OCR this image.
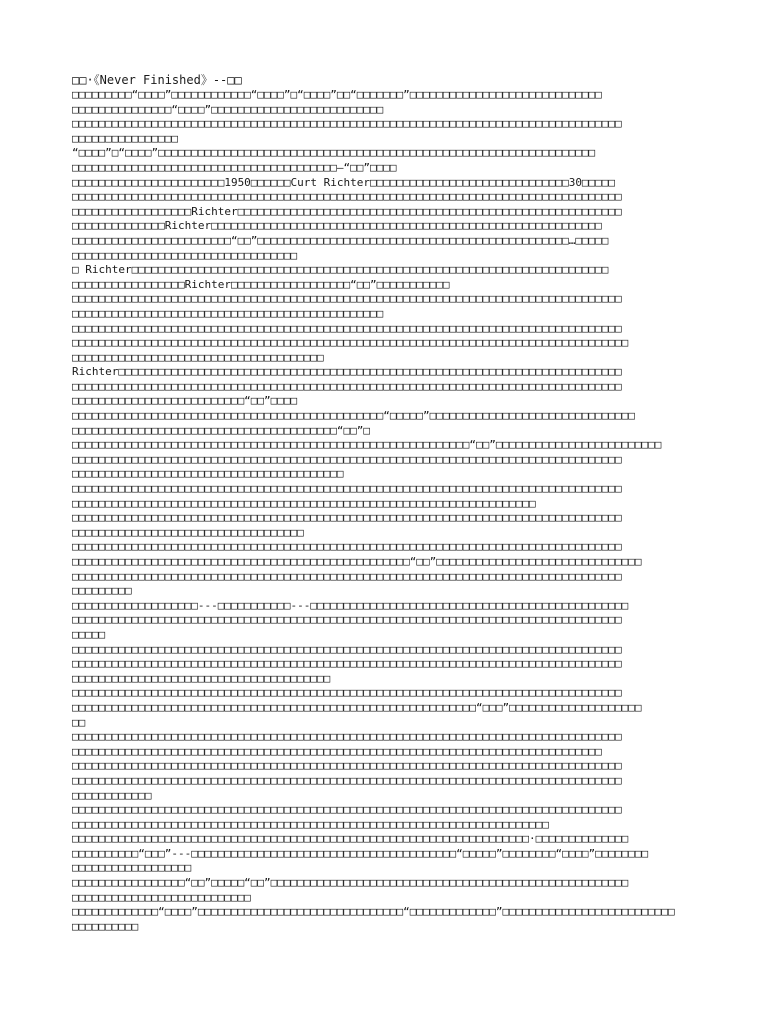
□□·《Never Finished》--□□
□□□□□□□□□“□□□□”□□□□□□□□□□□□“□□□□”□“□□□□”□□“□□□□□□□”□□□□□□□□□□□□□□□□□□□□□□□□□□□□□
□□□□□□□□□□□□□□□“□□□□”□□□□□□□□□□□□□□□□□□□□□□□□□□
□□□□□□□□□□□□□□□□□□□□□□□□□□□□□□□□□□□□□□□□□□□□□□□□□□□□□□□□□□□□□□□□□□□□□□□□□□□□□□□□□□□
□□□□□□□□□□□□□□□□
“□□□□”□“□□□□”□□□□□□□□□□□□□□□□□□□□□□□□□□□□□□□□□□□□□□□□□□□□□□□□□□□□□□□□□□□□□□□□□□
□□□□□□□□□□□□□□□□□□□□□□□□□□□□□□□□□□□□□□□□—“□□”□□□□
□□□□□□□□□□□□□□□□□□□□□□□1950□□□□□□Curt Richter□□□□□□□□□□□□□□□□□□□□□□□□□□□□□□30□□□□□
□□□□□□□□□□□□□□□□□□□□□□□□□□□□□□□□□□□□□□□□□□□□□□□□□□□□□□□□□□□□□□□□□□□□□□□□□□□□□□□□□□□
□□□□□□□□□□□□□□□□□□Richter□□□□□□□□□□□□□□□□□□□□□□□□□□□□□□□□□□□□□□□□□□□□□□□□□□□□□□□□□□
□□□□□□□□□□□□□□Richter□□□□□□□□□□□□□□□□□□□□□□□□□□□□□□□□□□□□□□□□□□□□□□□□□□□□□□□□□□□
□□□□□□□□□□□□□□□□□□□□□□□□“□□”□□□□□□□□□□□□□□□□□□□□□□□□□□□□□□□□□□□□□□□□□□□□□□□…□□□□□
□□□□□□□□□□□□□□□□□□□□□□□□□□□□□□□□□□
□ Richter□□□□□□□□□□□□□□□□□□□□□□□□□□□□□□□□□□□□□□□□□□□□□□□□□□□□□□□□□□□□□□□□□□□□□□□□
□□□□□□□□□□□□□□□□□Richter□□□□□□□□□□□□□□□□□□“□□”□□□□□□□□□□□
□□□□□□□□□□□□□□□□□□□□□□□□□□□□□□□□□□□□□□□□□□□□□□□□□□□□□□□□□□□□□□□□□□□□□□□□□□□□□□□□□□□
□□□□□□□□□□□□□□□□□□□□□□□□□□□□□□□□□□□□□□□□□□□□□□□
□□□□□□□□□□□□□□□□□□□□□□□□□□□□□□□□□□□□□□□□□□□□□□□□□□□□□□□□□□□□□□□□□□□□□□□□□□□□□□□□□□□
□□□□□□□□□□□□□□□□□□□□□□□□□□□□□□□□□□□□□□□□□□□□□□□□□□□□□□□□□□□□□□□□□□□□□□□□□□□□□□□□□□□□
□□□□□□□□□□□□□□□□□□□□□□□□□□□□□□□□□□□□□□
Richter□□□□□□□□□□□□□□□□□□□□□□□□□□□□□□□□□□□□□□□□□□□□□□□□□□□□□□□□□□□□□□□□□□□□□□□□□□□□
□□□□□□□□□□□□□□□□□□□□□□□□□□□□□□□□□□□□□□□□□□□□□□□□□□□□□□□□□□□□□□□□□□□□□□□□□□□□□□□□□□□
□□□□□□□□□□□□□□□□□□□□□□□□□□“□□”□□□□
□□□□□□□□□□□□□□□□□□□□□□□□□□□□□□□□□□□□□□□□□□□□□□□“□□□□□”□□□□□□□□□□□□□□□□□□□□□□□□□□□□□□□
□□□□□□□□□□□□□□□□□□□□□□□□□□□□□□□□□□□□□□□□“□□”□
□□□□□□□□□□□□□□□□□□□□□□□□□□□□□□□□□□□□□□□□□□□□□□□□□□□□□□□□□□□□“□□”□□□□□□□□□□□□□□□□□□□□□□□□□
□□□□□□□□□□□□□□□□□□□□□□□□□□□□□□□□□□□□□□□□□□□□□□□□□□□□□□□□□□□□□□□□□□□□□□□□□□□□□□□□□□□
□□□□□□□□□□□□□□□□□□□□□□□□□□□□□□□□□□□□□□□□□
□□□□□□□□□□□□□□□□□□□□□□□□□□□□□□□□□□□□□□□□□□□□□□□□□□□□□□□□□□□□□□□□□□□□□□□□□□□□□□□□□□□
□□□□□□□□□□□□□□□□□□□□□□□□□□□□□□□□□□□□□□□□□□□□□□□□□□□□□□□□□□□□□□□□□□□□□□
□□□□□□□□□□□□□□□□□□□□□□□□□□□□□□□□□□□□□□□□□□□□□□□□□□□□□□□□□□□□□□□□□□□□□□□□□□□□□□□□□□□
□□□□□□□□□□□□□□□□□□□□□□□□□□□□□□□□□□□
□□□□□□□□□□□□□□□□□□□□□□□□□□□□□□□□□□□□□□□□□□□□□□□□□□□□□□□□□□□□□□□□□□□□□□□□□□□□□□□□□□□
□□□□□□□□□□□□□□□□□□□□□□□□□□□□□□□□□□□□□□□□□□□□□□□□□□□“□□”□□□□□□□□□□□□□□□□□□□□□□□□□□□□□□□
□□□□□□□□□□□□□□□□□□□□□□□□□□□□□□□□□□□□□□□□□□□□□□□□□□□□□□□□□□□□□□□□□□□□□□□□□□□□□□□□□□□
□□□□□□□□□
□□□□□□□□□□□□□□□□□□□---□□□□□□□□□□□---□□□□□□□□□□□□□□□□□□□□□□□□□□□□□□□□□□□□□□□□□□□□□□□□
□□□□□□□□□□□□□□□□□□□□□□□□□□□□□□□□□□□□□□□□□□□□□□□□□□□□□□□□□□□□□□□□□□□□□□□□□□□□□□□□□□□
□□□□□
□□□□□□□□□□□□□□□□□□□□□□□□□□□□□□□□□□□□□□□□□□□□□□□□□□□□□□□□□□□□□□□□□□□□□□□□□□□□□□□□□□□
□□□□□□□□□□□□□□□□□□□□□□□□□□□□□□□□□□□□□□□□□□□□□□□□□□□□□□□□□□□□□□□□□□□□□□□□□□□□□□□□□□□
□□□□□□□□□□□□□□□□□□□□□□□□□□□□□□□□□□□□□□□
□□□□□□□□□□□□□□□□□□□□□□□□□□□□□□□□□□□□□□□□□□□□□□□□□□□□□□□□□□□□□□□□□□□□□□□□□□□□□□□□□□□
□□□□□□□□□□□□□□□□□□□□□□□□□□□□□□□□□□□□□□□□□□□□□□□□□□□□□□□□□□□□□“□□□”□□□□□□□□□□□□□□□□□□□□
□□
□□□□□□□□□□□□□□□□□□□□□□□□□□□□□□□□□□□□□□□□□□□□□□□□□□□□□□□□□□□□□□□□□□□□□□□□□□□□□□□□□□□
□□□□□□□□□□□□□□□□□□□□□□□□□□□□□□□□□□□□□□□□□□□□□□□□□□□□□□□□□□□□□□□□□□□□□□□□□□□□□□□□
□□□□□□□□□□□□□□□□□□□□□□□□□□□□□□□□□□□□□□□□□□□□□□□□□□□□□□□□□□□□□□□□□□□□□□□□□□□□□□□□□□□
□□□□□□□□□□□□□□□□□□□□□□□□□□□□□□□□□□□□□□□□□□□□□□□□□□□□□□□□□□□□□□□□□□□□□□□□□□□□□□□□□□□
□□□□□□□□□□□□
□□□□□□□□□□□□□□□□□□□□□□□□□□□□□□□□□□□□□□□□□□□□□□□□□□□□□□□□□□□□□□□□□□□□□□□□□□□□□□□□□□□
□□□□□□□□□□□□□□□□□□□□□□□□□□□□□□□□□□□□□□□□□□□□□□□□□□□□□□□□□□□□□□□□□□□□□□□□
□□□□□□□□□□□□□□□□□□□□□□□□□□□□□□□□□□□□□□□□□□□□□□□□□□□□□□□□□□□□□□□□□□□□□·□□□□□□□□□□□□□□
□□□□□□□□□□“□□□”---□□□□□□□□□□□□□□□□□□□□□□□□□□□□□□□□□□□□□□□□“□□□□□”□□□□□□□□“□□□□”□□□□□□□□
□□□□□□□□□□□□□□□□□□
□□□□□□□□□□□□□□□□□“□□”□□□□□“□□”□□□□□□□□□□□□□□□□□□□□□□□□□□□□□□□□□□□□□□□□□□□□□□□□□□□□□□
□□□□□□□□□□□□□□□□□□□□□□□□□□□
□□□□□□□□□□□□□“□□□□”□□□□□□□□□□□□□□□□□□□□□□□□□□□□□□□“□□□□□□□□□□□□□”□□□□□□□□□□□□□□□□□□□□□□□□□□
□□□□□□□□□□
